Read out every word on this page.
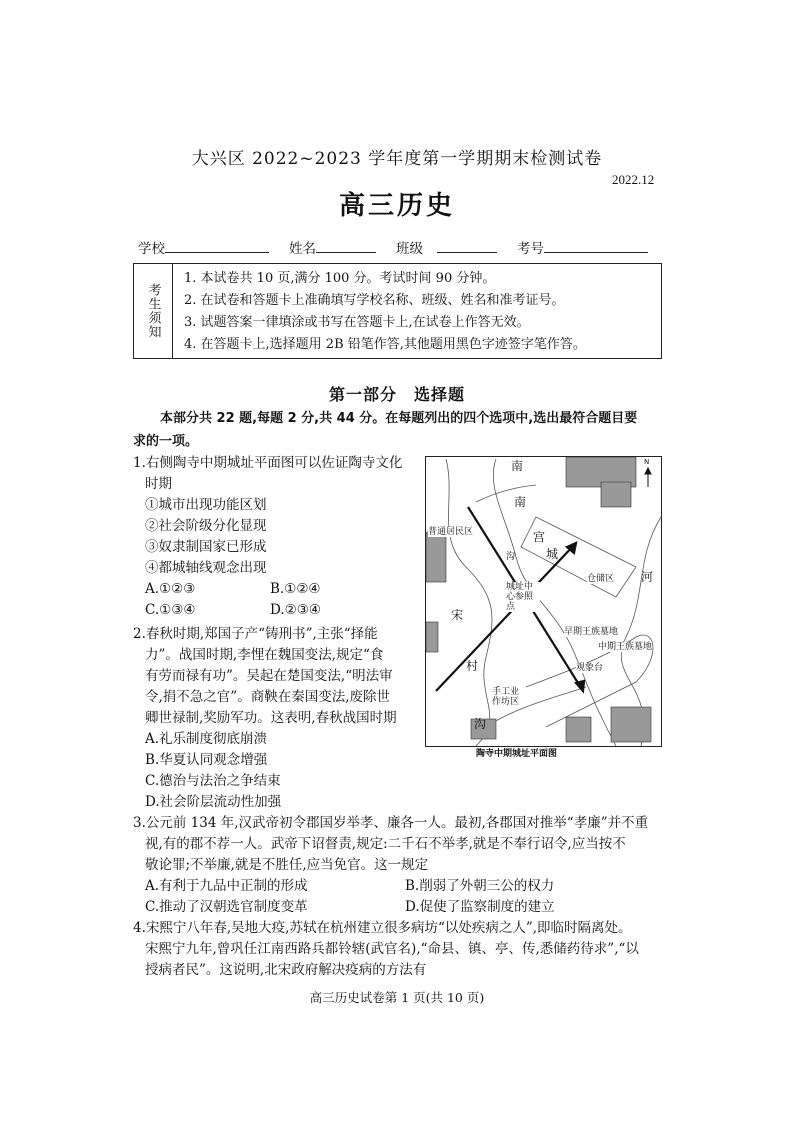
大兴区 2022~2023 学年度第一学期期末检测试卷
2022.12
高三历史
学校	姓名	班级	考号
考生须知
1. 本试卷共 10 页,满分 100 分。考试时间 90 分钟。
2. 在试卷和答题卡上准确填写学校名称、班级、姓名和准考证号。
3. 试题答案一律填涂或书写在答题卡上,在试卷上作答无效。
4. 在答题卡上,选择题用 2B 铅笔作答,其他题用黑色字迹签字笔作答。
第一部分　选择题
本部分共 22 题,每题 2 分,共 44 分。在每题列出的四个选项中,选出最符合题目要
求的一项。
1.右侧陶寺中期城址平面图可以佐证陶寺文化
时期
①城市出现功能区划
②社会阶级分化显现
③奴隶制国家已形成
④都城轴线观念出现
A.①②③	B.①②④
C.①③④	D.②③④
N
南
南
沟
宫
城
宋
村
沟
河
普通居民区
仓储区
城址中心参照点
早期王族墓地
中期王族墓地
观象台
手工业作坊区
陶寺中期城址平面图
2.春秋时期,郑国子产“铸刑书”,主张“择能
力”。战国时期,李悝在魏国变法,规定“食
有劳而禄有功”。吴起在楚国变法,“明法审
令,捐不急之官”。商鞅在秦国变法,废除世
卿世禄制,奖励军功。这表明,春秋战国时期
A.礼乐制度彻底崩溃
B.华夏认同观念增强
C.德治与法治之争结束
D.社会阶层流动性加强
3.公元前 134 年,汉武帝初令郡国岁举孝、廉各一人。最初,各郡国对推举“孝廉”并不重
视,有的郡不荐一人。武帝下诏督责,规定:二千石不举孝,就是不奉行诏令,应当按不
敬论罪;不举廉,就是不胜任,应当免官。这一规定
A.有利于九品中正制的形成	B.削弱了外朝三公的权力
C.推动了汉朝选官制度变革	D.促使了监察制度的建立
4.宋熙宁八年春,吴地大疫,苏轼在杭州建立很多病坊“以处疾病之人”,即临时隔离处。
宋熙宁九年,曾巩任江南西路兵都铃辖(武官名),“命县、镇、亭、传,悉储药待求”,“以
授病者民”。这说明,北宋政府解决疫病的方法有
高三历史试卷第 1 页(共 10 页)
